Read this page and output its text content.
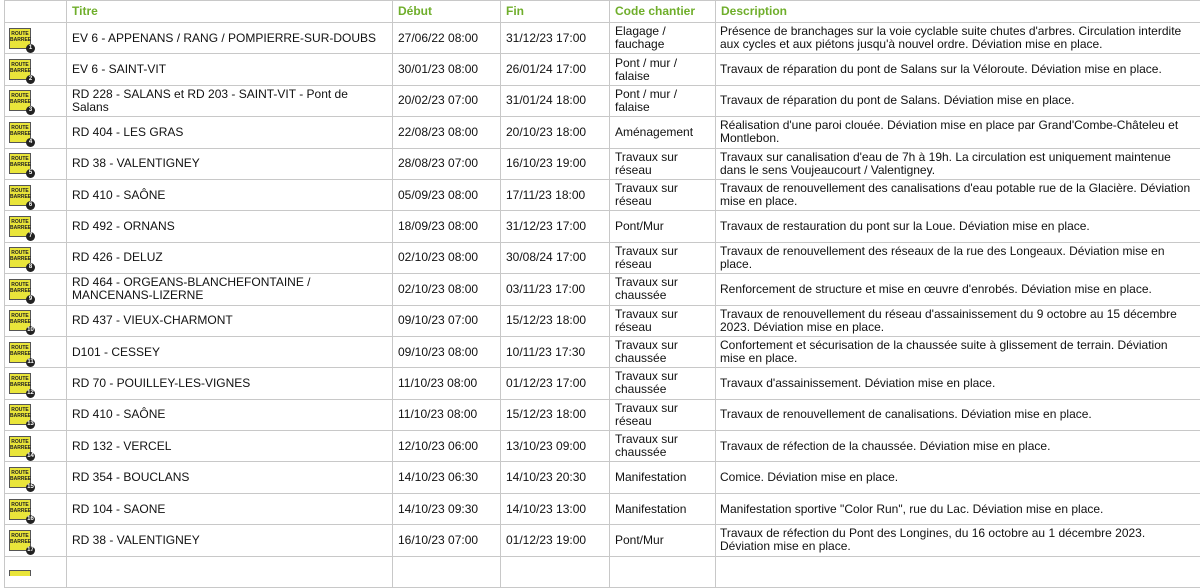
	Titre	Début	Fin	Code chantier	Description

ROUTE
BARREE
1	EV 6 - APPENANS / RANG / POMPIERRE-SUR-DOUBS	27/06/22 08:00	31/12/23 17:00	Elagage / fauchage	Présence de branchages sur la voie cyclable suite chutes d'arbres. Circulation interdite aux cycles et aux piétons jusqu'à nouvel ordre. Déviation mise en place.

ROUTE
BARREE
2	EV 6 - SAINT-VIT	30/01/23 08:00	26/01/24 17:00	Pont / mur / falaise	Travaux de réparation du pont de Salans sur la Véloroute. Déviation mise en place.

ROUTE
BARREE
3	RD 228 - SALANS et RD 203 - SAINT-VIT - Pont de Salans	20/02/23 07:00	31/01/24 18:00	Pont / mur / falaise	Travaux de réparation du pont de Salans. Déviation mise en place.

ROUTE
BARREE
4	RD 404 - LES GRAS	22/08/23 08:00	20/10/23 18:00	Aménagement	Réalisation d'une paroi clouée. Déviation mise en place par Grand'Combe-Châteleu et Montlebon.

ROUTE
BARREE
5	RD 38 - VALENTIGNEY	28/08/23 07:00	16/10/23 19:00	Travaux sur réseau	Travaux sur canalisation d'eau de 7h à 19h. La circulation est uniquement maintenue dans le sens Voujeaucourt / Valentigney.

ROUTE
BARREE
6	RD 410 - SAÔNE	05/09/23 08:00	17/11/23 18:00	Travaux sur réseau	Travaux de renouvellement des canalisations d'eau potable rue de la Glacière. Déviation mise en place.

ROUTE
BARREE
7	RD 492 - ORNANS	18/09/23 08:00	31/12/23 17:00	Pont/Mur	Travaux de restauration du pont sur la Loue. Déviation mise en place.

ROUTE
BARREE
8	RD 426 - DELUZ	02/10/23 08:00	30/08/24 17:00	Travaux sur réseau	Travaux de renouvellement des réseaux de la rue des Longeaux. Déviation mise en place.

ROUTE
BARREE
9	RD 464 - ORGEANS-BLANCHEFONTAINE / MANCENANS-LIZERNE	02/10/23 08:00	03/11/23 17:00	Travaux sur chaussée	Renforcement de structure et mise en œuvre d'enrobés. Déviation mise en place.

ROUTE
BARREE
10	RD 437 - VIEUX-CHARMONT	09/10/23 07:00	15/12/23 18:00	Travaux sur réseau	Travaux de renouvellement du réseau d'assainissement du 9 octobre au 15 décembre 2023. Déviation mise en place.

ROUTE
BARREE
11	D101 - CESSEY	09/10/23 08:00	10/11/23 17:30	Travaux sur chaussée	Confortement et sécurisation de la chaussée suite à glissement de terrain. Déviation mise en place.

ROUTE
BARREE
12	RD 70 - POUILLEY-LES-VIGNES	11/10/23 08:00	01/12/23 17:00	Travaux sur chaussée	Travaux d'assainissement. Déviation mise en place.

ROUTE
BARREE
13	RD 410 - SAÔNE	11/10/23 08:00	15/12/23 18:00	Travaux sur réseau	Travaux de renouvellement de canalisations. Déviation mise en place.

ROUTE
BARREE
14	RD 132 - VERCEL	12/10/23 06:00	13/10/23 09:00	Travaux sur chaussée	Travaux de réfection de la chaussée. Déviation mise en place.

ROUTE
BARREE
15	RD 354 - BOUCLANS	14/10/23 06:30	14/10/23 20:30	Manifestation	Comice. Déviation mise en place.

ROUTE
BARREE
16	RD 104 - SAONE	14/10/23 09:30	14/10/23 13:00	Manifestation	Manifestation sportive "Color Run", rue du Lac. Déviation mise en place.

ROUTE
BARREE
17	RD 38 - VALENTIGNEY	16/10/23 07:00	01/12/23 19:00	Pont/Mur	Travaux de réfection du Pont des Longines, du 16 octobre au 1 décembre 2023. Déviation mise en place.
